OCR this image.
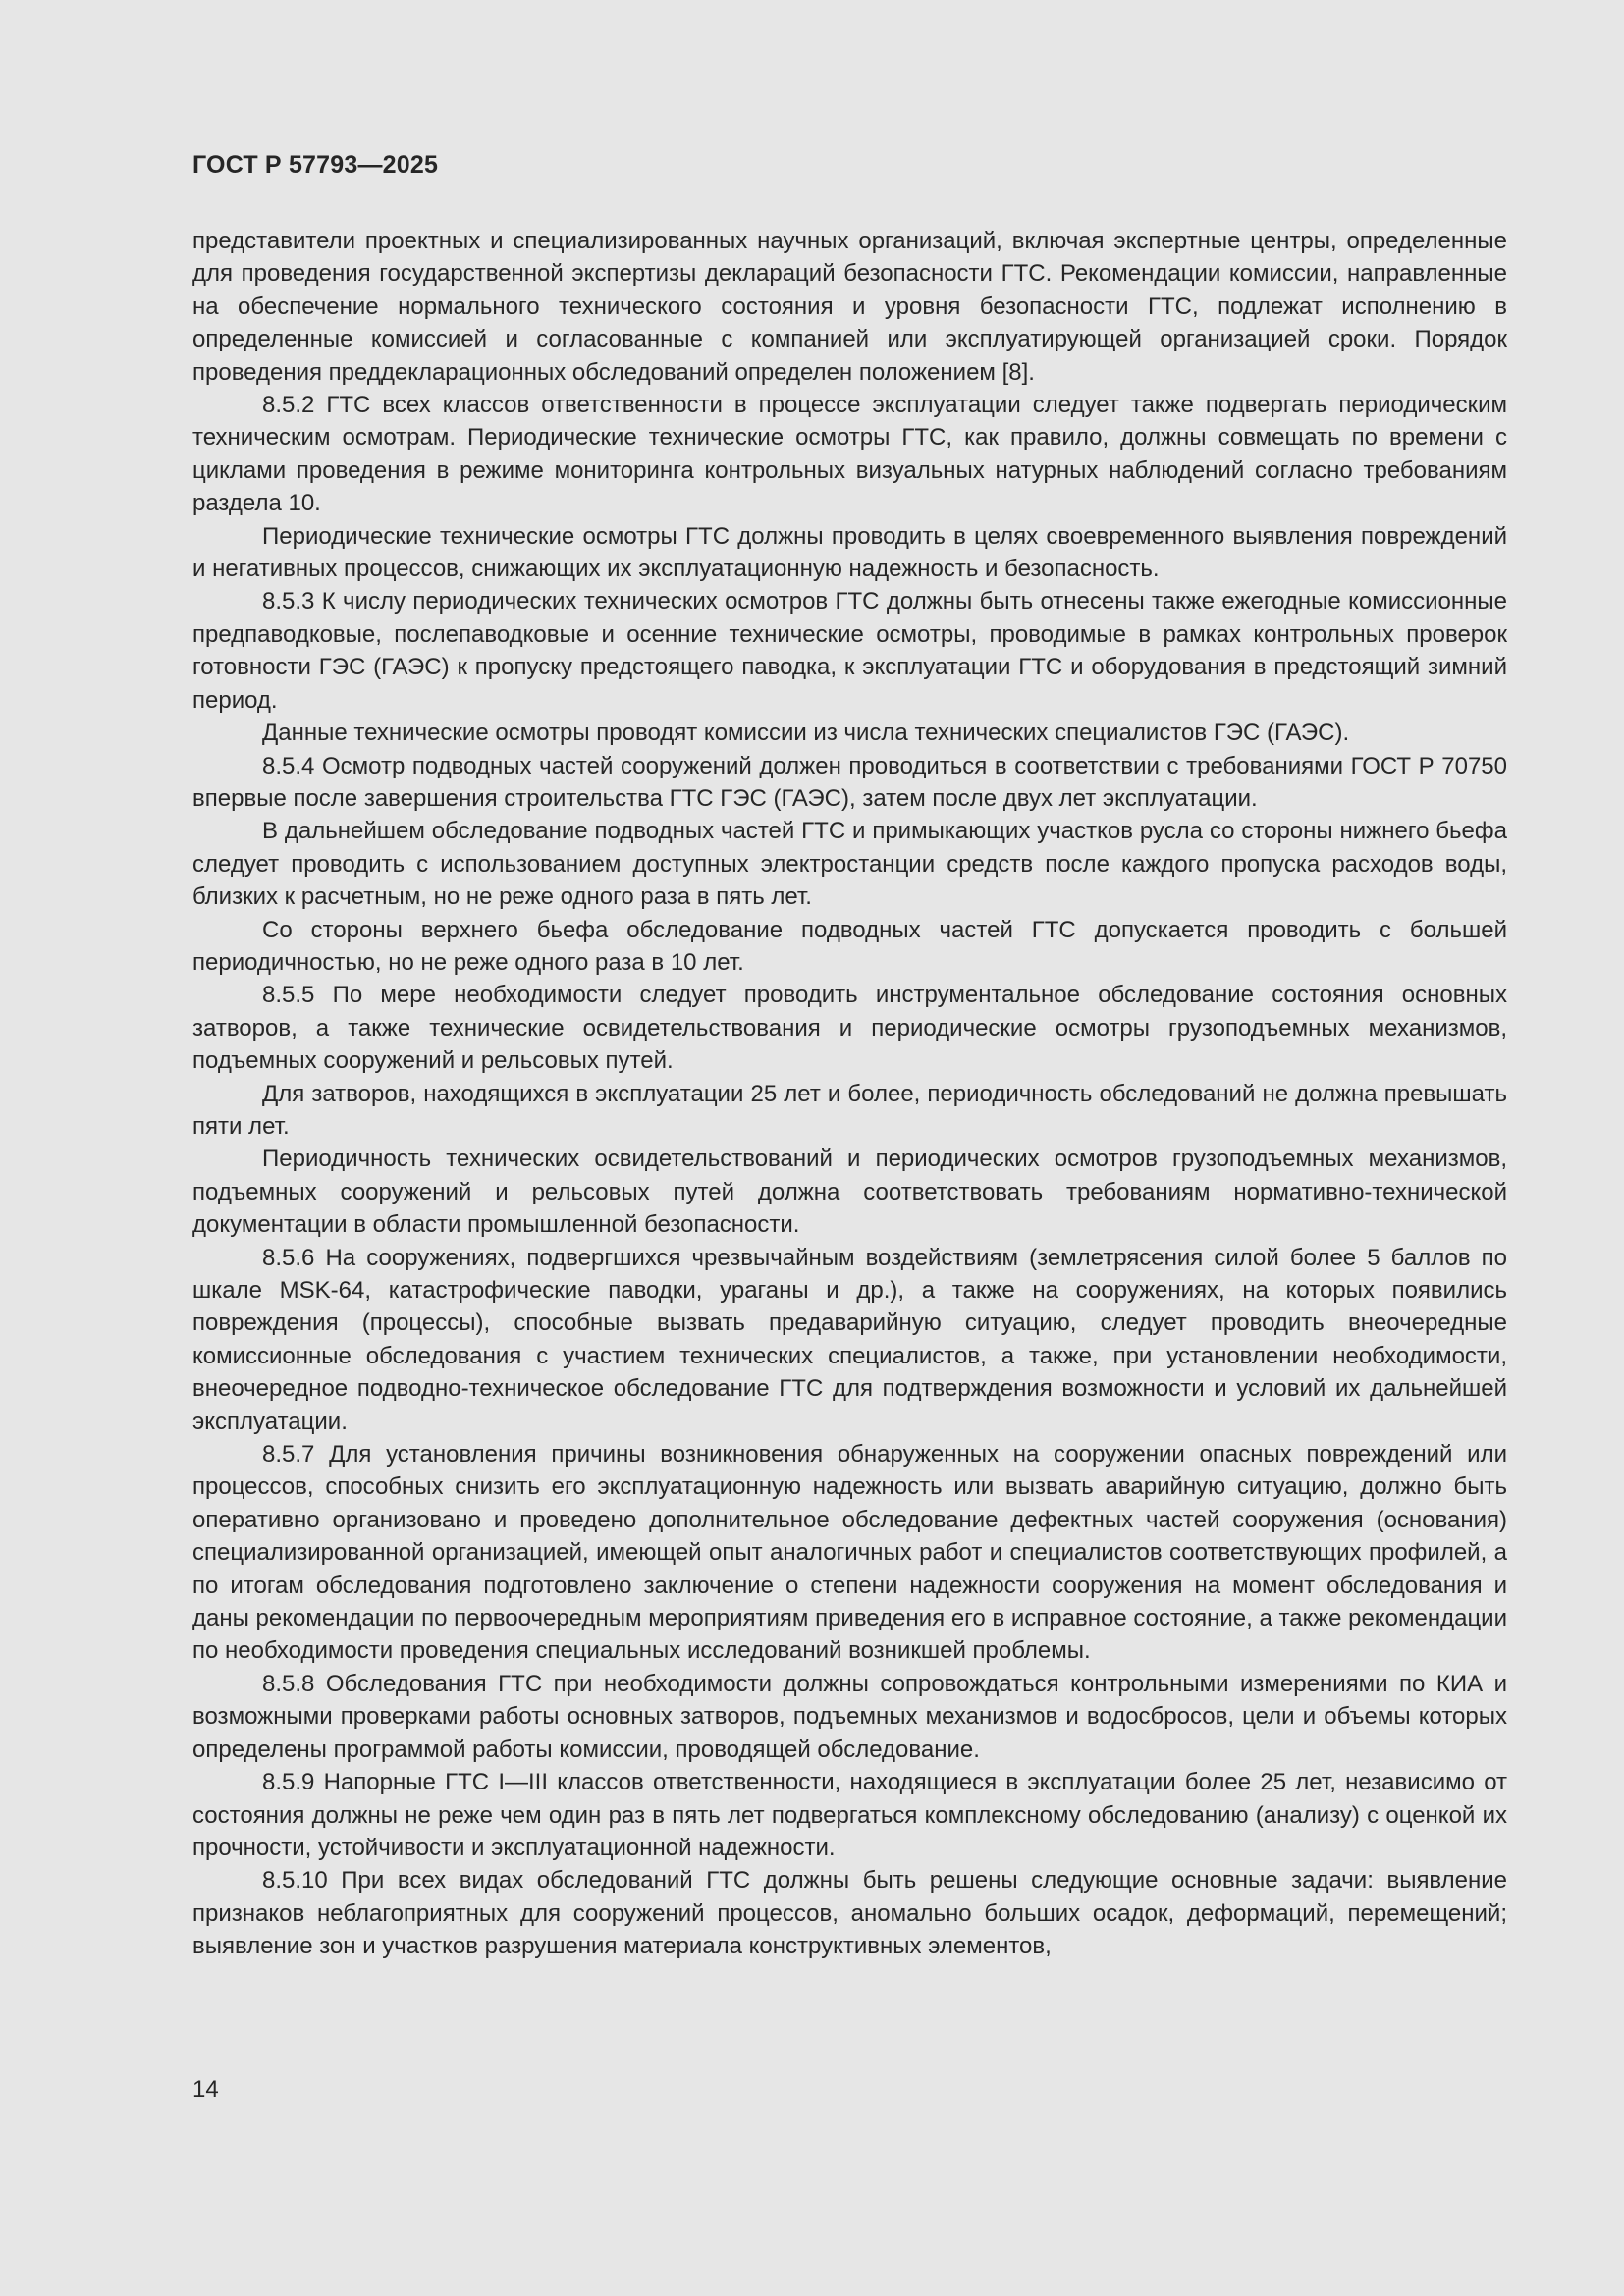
ГОСТ Р 57793—2025

представители проектных и специализированных научных организаций, включая экспертные центры, определенные для проведения государственной экспертизы деклараций безопасности ГТС. Рекомендации комиссии, направленные на обеспечение нормального технического состояния и уровня безопасности ГТС, подлежат исполнению в определенные комиссией и согласованные с компанией или эксплуатирующей организацией сроки. Порядок проведения преддекларационных обследований определен положением [8].

8.5.2 ГТС всех классов ответственности в процессе эксплуатации следует также подвергать периодическим техническим осмотрам. Периодические технические осмотры ГТС, как правило, должны совмещать по времени с циклами проведения в режиме мониторинга контрольных визуальных натурных наблюдений согласно требованиям раздела 10.

Периодические технические осмотры ГТС должны проводить в целях своевременного выявления повреждений и негативных процессов, снижающих их эксплуатационную надежность и безопасность.

8.5.3 К числу периодических технических осмотров ГТС должны быть отнесены также ежегодные комиссионные предпаводковые, послепаводковые и осенние технические осмотры, проводимые в рамках контрольных проверок готовности ГЭС (ГАЭС) к пропуску предстоящего паводка, к эксплуатации ГТС и оборудования в предстоящий зимний период.

Данные технические осмотры проводят комиссии из числа технических специалистов ГЭС (ГАЭС).

8.5.4 Осмотр подводных частей сооружений должен проводиться в соответствии с требованиями ГОСТ Р 70750 впервые после завершения строительства ГТС ГЭС (ГАЭС), затем после двух лет эксплуатации.

В дальнейшем обследование подводных частей ГТС и примыкающих участков русла со стороны нижнего бьефа следует проводить с использованием доступных электростанции средств после каждого пропуска расходов воды, близких к расчетным, но не реже одного раза в пять лет.

Со стороны верхнего бьефа обследование подводных частей ГТС допускается проводить с большей периодичностью, но не реже одного раза в 10 лет.

8.5.5 По мере необходимости следует проводить инструментальное обследование состояния основных затворов, а также технические освидетельствования и периодические осмотры грузоподъемных механизмов, подъемных сооружений и рельсовых путей.

Для затворов, находящихся в эксплуатации 25 лет и более, периодичность обследований не должна превышать пяти лет.

Периодичность технических освидетельствований и периодических осмотров грузоподъемных механизмов, подъемных сооружений и рельсовых путей должна соответствовать требованиям нормативно-технической документации в области промышленной безопасности.

8.5.6 На сооружениях, подвергшихся чрезвычайным воздействиям (землетрясения силой более 5 баллов по шкале MSK-64, катастрофические паводки, ураганы и др.), а также на сооружениях, на которых появились повреждения (процессы), способные вызвать предаварийную ситуацию, следует проводить внеочередные комиссионные обследования с участием технических специалистов, а также, при установлении необходимости, внеочередное подводно-техническое обследование ГТС для подтверждения возможности и условий их дальнейшей эксплуатации.

8.5.7 Для установления причины возникновения обнаруженных на сооружении опасных повреждений или процессов, способных снизить его эксплуатационную надежность или вызвать аварийную ситуацию, должно быть оперативно организовано и проведено дополнительное обследование дефектных частей сооружения (основания) специализированной организацией, имеющей опыт аналогичных работ и специалистов соответствующих профилей, а по итогам обследования подготовлено заключение о степени надежности сооружения на момент обследования и даны рекомендации по первоочередным мероприятиям приведения его в исправное состояние, а также рекомендации по необходимости проведения специальных исследований возникшей проблемы.

8.5.8 Обследования ГТС при необходимости должны сопровождаться контрольными измерениями по КИА и возможными проверками работы основных затворов, подъемных механизмов и водосбросов, цели и объемы которых определены программой работы комиссии, проводящей обследование.

8.5.9 Напорные ГТС I—III классов ответственности, находящиеся в эксплуатации более 25 лет, независимо от состояния должны не реже чем один раз в пять лет подвергаться комплексному обследованию (анализу) с оценкой их прочности, устойчивости и эксплуатационной надежности.

8.5.10 При всех видах обследований ГТС должны быть решены следующие основные задачи: выявление признаков неблагоприятных для сооружений процессов, аномально больших осадок, деформаций, перемещений; выявление зон и участков разрушения материала конструктивных элементов,

14
